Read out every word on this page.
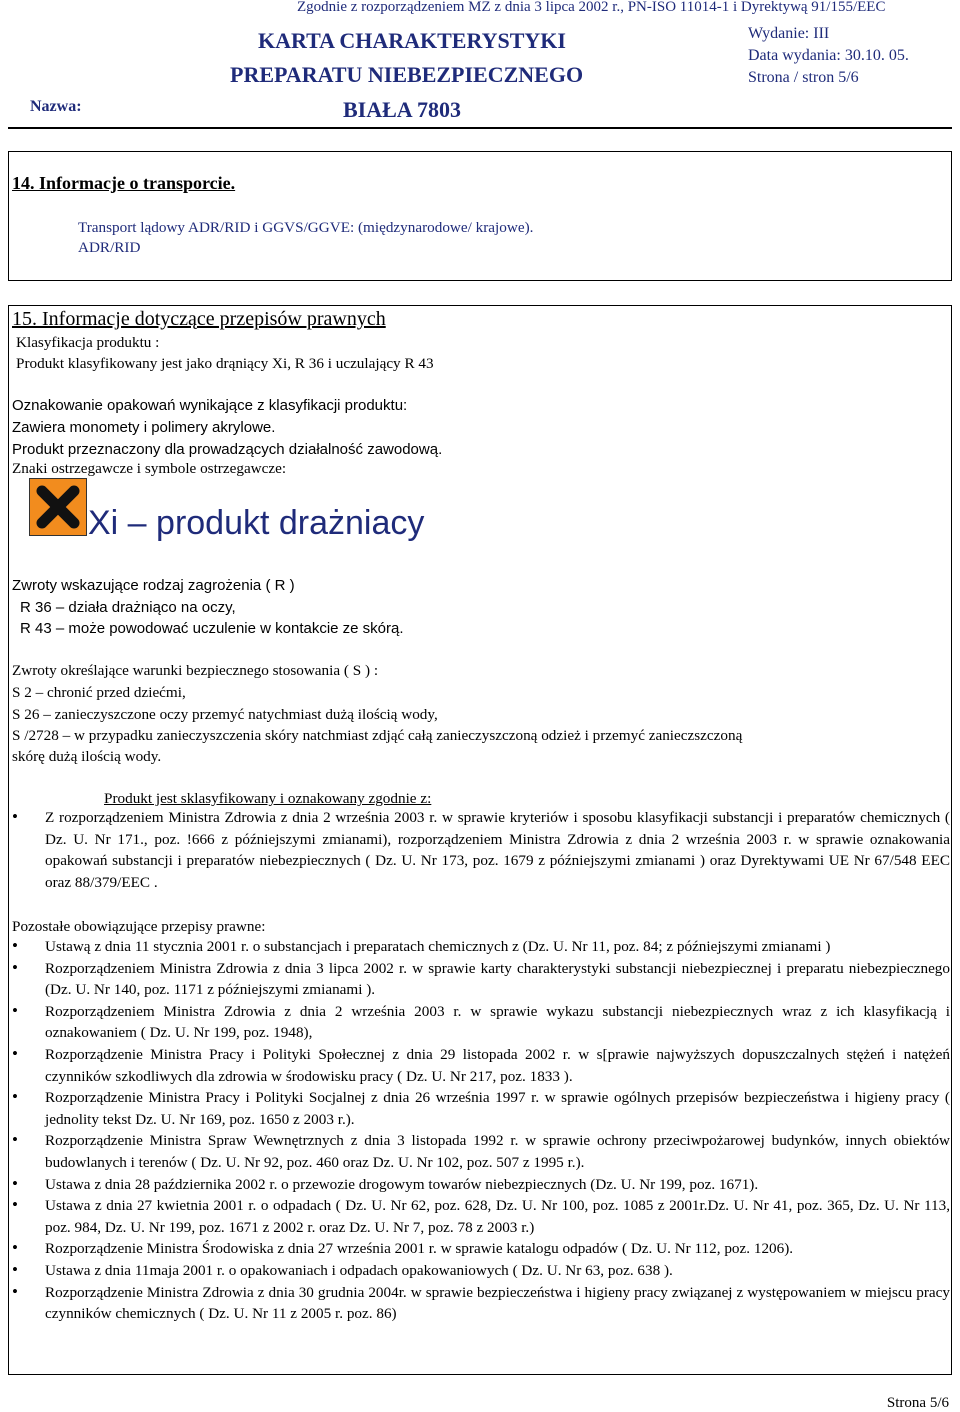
Zgodnie z rozporządzeniem MZ z dnia 3 lipca 2002 r., PN-ISO 11014-1 i Dyrektywą 91/155/EEC
KARTA CHARAKTERYSTYKI
PREPARATU NIEBEZPIECZNEGO
Nazwa:	BIAŁA 7803
Wydanie: III
Data wydania: 30.10. 05.
Strona / stron 5/6
14. Informacje o transporcie.
Transport lądowy ADR/RID i GGVS/GGVE: (międzynarodowe/ krajowe).
ADR/RID
15. Informacje dotyczące przepisów prawnych
Klasyfikacja produktu :
Produkt klasyfikowany jest jako drąniący Xi, R 36 i uczulający R 43
Oznakowanie opakowań wynikające z klasyfikacji produktu:
Zawiera monomety i polimery akrylowe.
Produkt przeznaczony dla prowadzących działalność zawodową.
Znaki ostrzegawcze i symbole ostrzegawcze:
Xi – produkt drażniacy
Zwroty wskazujące rodzaj zagrożenia ( R )
R 36 – działa drażniąco na oczy,
R 43 – może powodować uczulenie w kontakcie ze skórą.
Zwroty określające warunki bezpiecznego stosowania ( S ) :
S 2 – chronić przed dziećmi,
S 26 – zanieczyszczone oczy przemyć natychmiast dużą ilością wody,
S /2728 – w przypadku zanieczyszczenia skóry natchmiast zdjąć całą zanieczyszczoną odzież i przemyć zanieczszczoną
skórę dużą ilością wody.
Produkt jest sklasyfikowany i oznakowany zgodnie z:
• Z rozporządzeniem Ministra Zdrowia z dnia 2 września 2003 r. w sprawie kryteriów i sposobu klasyfikacji substancji i preparatów chemicznych ( Dz. U. Nr 171., poz. !666 z późniejszymi zmianami), rozporządzeniem Ministra Zdrowia z dnia 2 września 2003 r. w sprawie oznakowania opakowań substancji i preparatów niebezpiecznych ( Dz. U. Nr 173, poz. 1679 z późniejszymi zmianami ) oraz Dyrektywami UE Nr 67/548 EEC oraz 88/379/EEC .
Pozostałe obowiązujące przepisy prawne:
• Ustawą z dnia 11 stycznia 2001 r. o substancjach i preparatach chemicznych z (Dz. U. Nr 11, poz. 84; z późniejszymi zmianami )
• Rozporządzeniem Ministra Zdrowia z dnia 3 lipca 2002 r. w sprawie karty charakterystyki substancji niebezpiecznej i preparatu niebezpiecznego (Dz. U. Nr 140, poz. 1171 z późniejszymi zmianami ).
• Rozporządzeniem Ministra Zdrowia z dnia 2 września 2003 r. w sprawie wykazu substancji niebezpiecznych wraz z ich klasyfikacją i oznakowaniem ( Dz. U. Nr 199, poz. 1948),
• Rozporządzenie Ministra Pracy i Polityki Społecznej z dnia 29 listopada 2002 r. w s[prawie najwyższych dopuszczalnych stężeń i natężeń czynników szkodliwych dla zdrowia w środowisku pracy ( Dz. U. Nr 217, poz. 1833 ).
• Rozporządzenie Ministra Pracy i Polityki Socjalnej z dnia 26 września 1997 r. w sprawie ogólnych przepisów bezpieczeństwa i higieny pracy ( jednolity tekst Dz. U. Nr 169, poz. 1650 z 2003 r.).
• Rozporządzenie Ministra Spraw Wewnętrznych z dnia 3 listopada 1992 r. w sprawie ochrony przeciwpożarowej budynków, innych obiektów budowlanych i terenów ( Dz. U. Nr 92, poz. 460 oraz Dz. U. Nr 102, poz. 507 z 1995 r.).
• Ustawa z dnia 28 października 2002 r. o przewozie drogowym towarów niebezpiecznych (Dz. U. Nr 199, poz. 1671).
• Ustawa z dnia 27 kwietnia 2001 r. o odpadach ( Dz. U. Nr 62, poz. 628, Dz. U. Nr 100, poz. 1085 z 2001r.Dz. U. Nr 41, poz. 365, Dz. U. Nr 113, poz. 984, Dz. U. Nr 199, poz. 1671 z 2002 r. oraz Dz. U. Nr 7, poz. 78 z 2003 r.)
• Rozporządzenie Ministra Środowiska z dnia 27 września 2001 r. w sprawie katalogu odpadów ( Dz. U. Nr 112, poz. 1206).
• Ustawa z dnia 11maja 2001 r. o opakowaniach i odpadach opakowaniowych ( Dz. U. Nr 63, poz. 638 ).
• Rozporządzenie Ministra Zdrowia z dnia 30 grudnia 2004r. w sprawie bezpieczeństwa i higieny pracy związanej z występowaniem w miejscu pracy czynników chemicznych ( Dz. U. Nr 11 z 2005 r. poz. 86)
Strona 5/6
